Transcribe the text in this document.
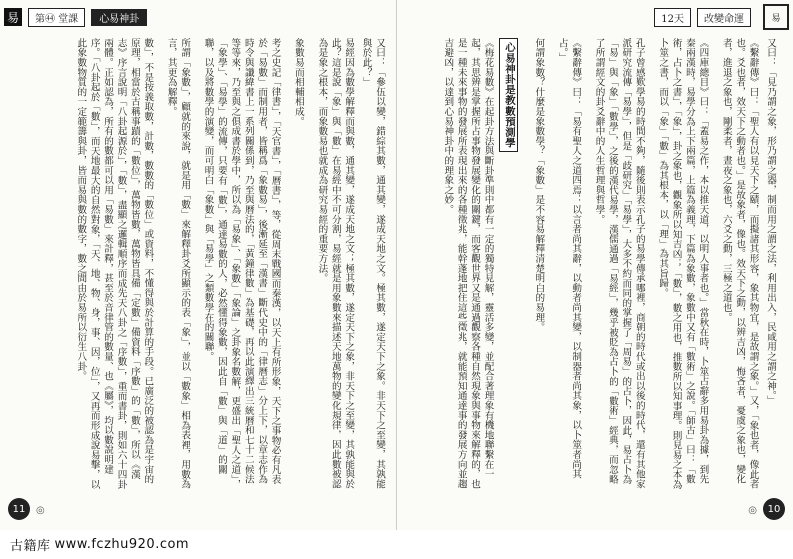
易	第㊹ 堂課	心易神卦

又曰：「參伍以變，錯綜其數，通其變，遂成天地之文。極其數，遂定天下之象。非天下之至變，其孰能與於此？」

易經因為數學解釋而與數，通其變，遂成天地之文；極其數，遂定天下之象，非天下之至變，其孰能與於此？這是說「象」與「數」在易經中不可分割，易經就是用象數來描述天地萬物的變化規律，因此數被認為是象之根本，而象數易也就成為研究易經的重要方法。

象數易而相輔相成。

考之史記「律書」，「天官書」，「曆書」，等，從周末戰國而秦漢，以天上有所形象，天下之事物必有凡表於「易數」而制用者，皆稱爲「象數易」，後漸延至「漢書」斷代史中的「律曆志」分上下，以章志作為時令與讖緯書上一系列關係到，乃至與曆法的，「黃鐘律數」為基礎，再以此演繹出三統曆和七十二候法等等來，乃至與之俱成書於學中，所以為「易象」、「象數」「象論」之卦象名數解，更盛出「聖人之道」，「象學」、「易學」的流傳，只要有「數」，通達易數的人，必然懂得象數，因此自「數」與「道」的關聯，以及將數學的演變，而可明白「象數」與「易學」之類數學在的關聯。

所謂「象數」，顧就的來說，就是用「數」來解釋卦爻所顯示的表「象」，並以「數象」相為表裡，用數為言，其更為解釋。

數」，不是按義取數，計數，數數的「數位」或資料，不懂得與於計算的手段。已廣泛的被認為是宇宙的原理，相當於古稱事蹟的「數位」，萬物皆數，萬物皆具備「定數」備資料「序數」的「數」，所以《漢志》序言說明「八卦起源於」，「數」，盡顯之邏輯順序而成先天八卦之「序數」，重而書卦，則如六十四卦兩體。正如認為，所有的數都可以用「易數」來計釋，甚至於音律管的數量、也《屬》，均以數說明建序。「八卦起於「數」，而天地最大的自然對象，「天、地、物、身，事、因，位」，又再而形成說易擊，以此象數物質的一定範籌與卦，皆而易與數的數字，數之間由於易所以衍生八卦。

11	◎
12天	改變命運	易

又曰：「見乃謂之象，形乃謂之器，制而用之謂之法，利用出入，民咸用之謂之神。」

《繫辭傳》曰：「聖人有以見天下之賾，而擬諸其形容，象其物宜，是故謂之象。」又，「象也者，像此者也。爻也者，效天下之動者也。」是故象者，像也。效天下之動，以辨吉凶，悔吝者，憂虞之象也，變化者，進退之象也，剛柔者，晝夜之象也，六爻之動，三極之道也。

《四庫總目》曰：「蓋易之作，本以推天道，以明人事者也。」當秋在時，卜筮占辭多用易卦為據，到先秦兩漢時，易學分為上下兩篇，上篇為義理，下篇為象數，象數中又有「數術」之說。「師古」曰：「數術，占卜之書」，「象」，卦之象也，觀象所以知吉凶；「數」，數之用也，推數所以知事理。則見易之本為卜筮之書，而以「象」「數」為其根本，以「理」為其旨歸。

孔子曾感歎學易的時間不夠，隨後則表示孔子的易學傳承哪裡，商朝的時代或出以後的時代，還有其他家派研究流傳「易學」，但是「歧研究」「易學」，大多不約而同的掌握了「周易」的占卜，因此，易占卜為「易」與「象」「數學」，之後的漢代易學，漢儒通過「易經」，幾乎被貶為占卜的「數術」經典，而忽略了所謂經文的卦爻辭中的人生哲理與哲學。

《繫辭傳》曰：「易有聖人之道四焉：以言者尚其辭，以動者尚其變，以制器者尚其象，以卜筮者尚其占。」

何謂象數？什麼是象數學？「象數」是不容易解釋清楚明白的易理。

心易神卦是教數預測學

《梅花易數》在起卦方法與斷卦準則中都有一定的獨特見解，靈活多變，並配合著理象有機地聯繫在一起，其思辨是掌握所占事物發展變化的關鍵，而客觀世界又是通過觀察各種自然現象與事物來解釋的，也是一種未來事物的發展所表現出來的各種徵兆，能幹蓬地把住這些徵兆，就能預知通達事的發展方向並趨吉避凶，以達到心易神卦中的理象之妙。

◎	10
古籍库 www.fczhu920.com
